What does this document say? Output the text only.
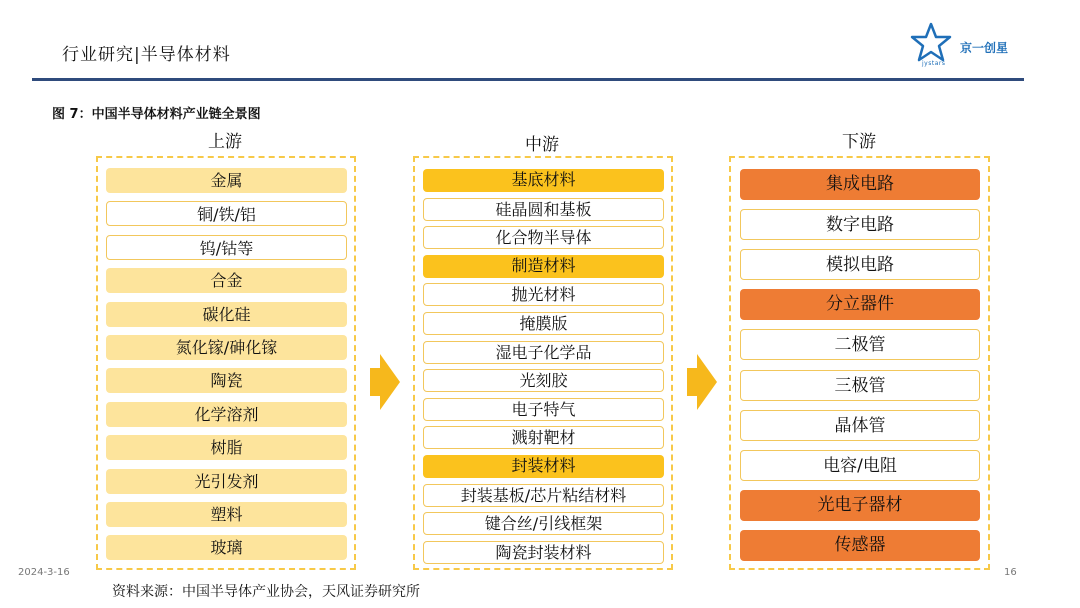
行业研究|半导体材料	京一创星
jystars
图 7：中国半导体材料产业链全景图
上游	中游	下游
金属
铜/铁/铝
钨/钴等
合金
碳化硅
氮化镓/砷化镓
陶瓷
化学溶剂
树脂
光引发剂
塑料
玻璃
基底材料
硅晶圆和基板
化合物半导体
制造材料
抛光材料
掩膜版
湿电子化学品
光刻胶
电子特气
溅射靶材
封装材料
封装基板/芯片粘结材料
键合丝/引线框架
陶瓷封装材料
集成电路
数字电路
模拟电路
分立器件
二极管
三极管
晶体管
电容/电阻
光电子器材
传感器
2024-3-16	16
资料来源：中国半导体产业协会，天风证券研究所
